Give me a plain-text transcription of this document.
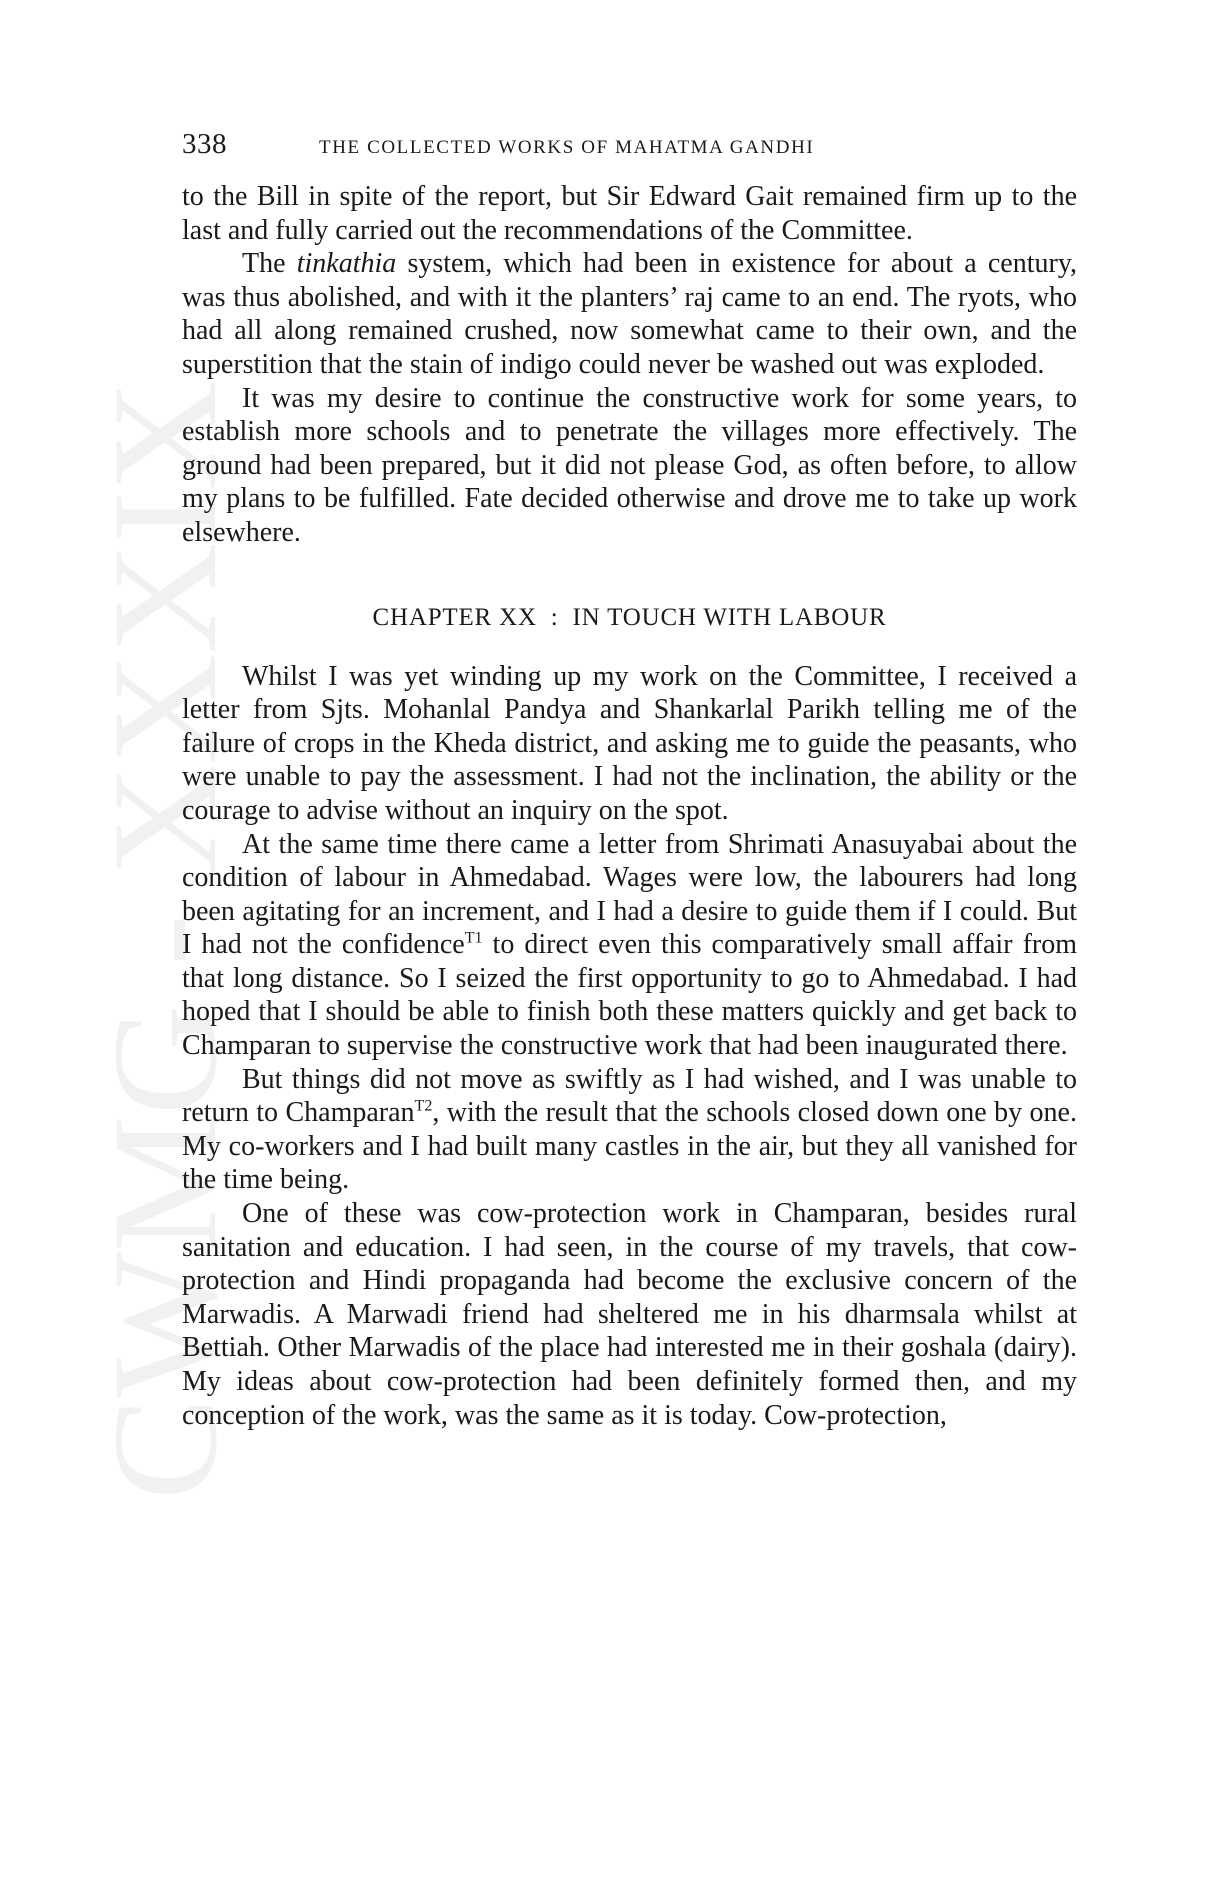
CWMG XXXIX
338	THE COLLECTED WORKS OF MAHATMA GANDHI

to the Bill in spite of the report, but Sir Edward Gait remained firm up to the last and fully carried out the recommendations of the Committee.

The tinkathia system, which had been in existence for about a century, was thus abolished, and with it the planters’ raj came to an end. The ryots, who had all along remained crushed, now somewhat came to their own, and the superstition that the stain of indigo could never be washed out was exploded.

It was my desire to continue the constructive work for some years, to establish more schools and to penetrate the villages more effectively. The ground had been prepared, but it did not please God, as often before, to allow my plans to be fulfilled. Fate decided otherwise and drove me to take up work elsewhere.

CHAPTER XX : IN TOUCH WITH LABOUR

Whilst I was yet winding up my work on the Committee, I received a letter from Sjts. Mohanlal Pandya and Shankarlal Parikh telling me of the failure of crops in the Kheda district, and asking me to guide the peasants, who were unable to pay the assessment. I had not the inclination, the ability or the courage to advise without an inquiry on the spot.

At the same time there came a letter from Shrimati Anasuyabai about the condition of labour in Ahmedabad. Wages were low, the labourers had long been agitating for an increment, and I had a desire to guide them if I could. But I had not the confidence$^{T1}$ to direct even this comparatively small affair from that long distance. So I seized the first opportunity to go to Ahmedabad. I had hoped that I should be able to finish both these matters quickly and get back to Champaran to supervise the constructive work that had been inaugurated there.

But things did not move as swiftly as I had wished, and I was unable to return to Champaran$^{T2}$, with the result that the schools closed down one by one. My co-workers and I had built many castles in the air, but they all vanished for the time being.

One of these was cow-protection work in Champaran, besides rural sanitation and education. I had seen, in the course of my travels, that cow-protection and Hindi propaganda had become the exclusive concern of the Marwadis. A Marwadi friend had sheltered me in his dharmsala whilst at Bettiah. Other Marwadis of the place had interested me in their goshala (dairy). My ideas about cow-protection had been definitely formed then, and my conception of the work, was the same as it is today. Cow-protection,
